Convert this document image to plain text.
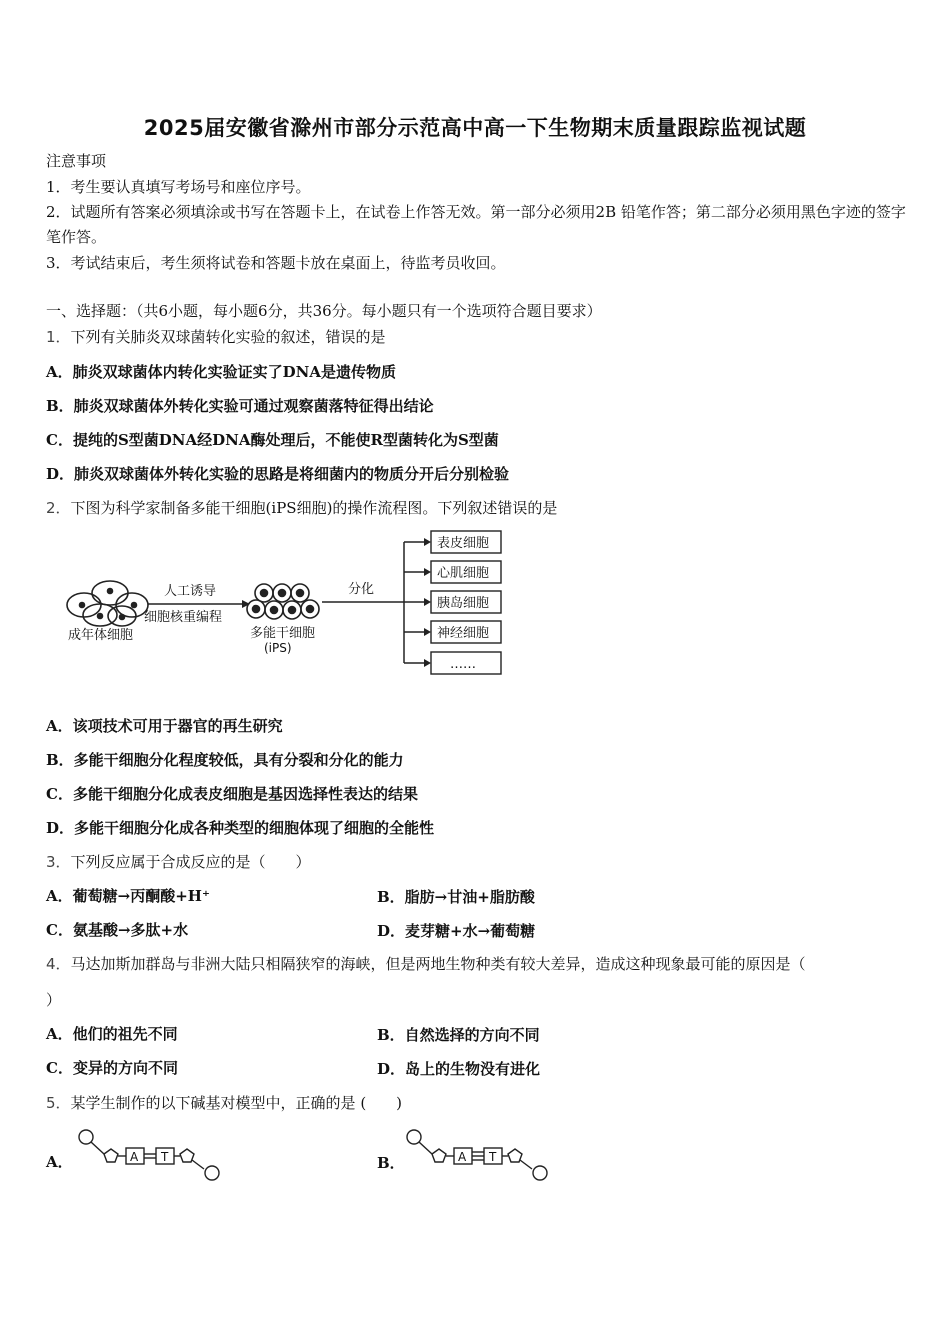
2025届安徽省滁州市部分示范高中高一下生物期末质量跟踪监视试题
注意事项
1．考生要认真填写考场号和座位序号。
2．试题所有答案必须填涂或书写在答题卡上，在试卷上作答无效。第一部分必须用2B 铅笔作答；第二部分必须用黑色字迹的签字笔作答。
3．考试结束后，考生须将试卷和答题卡放在桌面上，待监考员收回。
一、选择题：（共6小题，每小题6分，共36分。每小题只有一个选项符合题目要求）
1．下列有关肺炎双球菌转化实验的叙述，错误的是
A．肺炎双球菌体内转化实验证实了DNA是遗传物质
B．肺炎双球菌体外转化实验可通过观察菌落特征得出结论
C．提纯的S型菌DNA经DNA酶处理后，不能使R型菌转化为S型菌
D．肺炎双球菌体外转化实验的思路是将细菌内的物质分开后分别检验
2．下图为科学家制备多能干细胞(iPS细胞)的操作流程图。下列叙述错误的是
成年体细胞
人工诱导
细胞核重编程
多能干细胞
(iPS)
分化
表皮细胞
心肌细胞
胰岛细胞
神经细胞
……
A．该项技术可用于器官的再生研究
B．多能干细胞分化程度较低，具有分裂和分化的能力
C．多能干细胞分化成表皮细胞是基因选择性表达的结果
D．多能干细胞分化成各种类型的细胞体现了细胞的全能性
3．下列反应属于合成反应的是（　　）
A．葡萄糖→丙酮酸+H⁺	B．脂肪→甘油+脂肪酸
C．氨基酸→多肽+水	D．麦芽糖+水→葡萄糖
4．马达加斯加群岛与非洲大陆只相隔狭窄的海峡，但是两地生物种类有较大差异，造成这种现象最可能的原因是（
）
A．他们的祖先不同	B．自然选择的方向不同
C．变异的方向不同	D．岛上的生物没有进化
5．某学生制作的以下碱基对模型中，正确的是 (　　)
A．	A T	B．	A T
